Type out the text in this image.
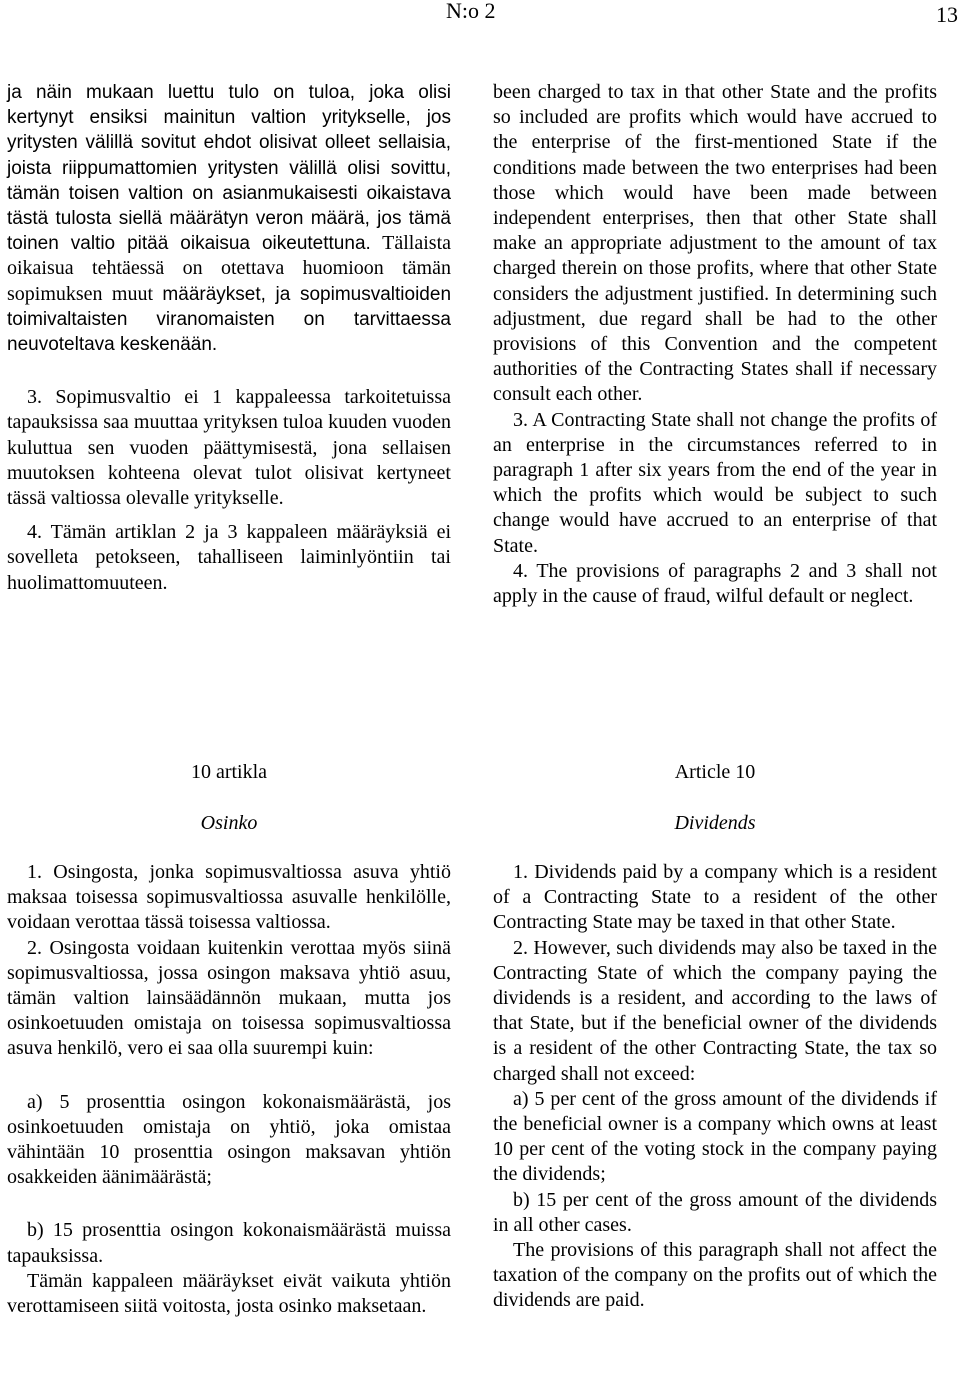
N:o 2	13

ja näin mukaan luettu tulo on tuloa, joka olisi kertynyt ensiksi mainitun valtion yritykselle, jos yritysten välillä sovitut ehdot olisivat olleet sellaisia, joista riippumattomien yritysten välillä olisi sovittu, tämän toisen valtion on asianmukaisesti oikaistava tästä tulosta siellä määrätyn veron määrä, jos tämä toinen valtio pitää oikaisua oikeutettuna. Tällaista oikaisua tehtäessä on otettava huomioon tämän sopimuksen muut määräykset, ja sopimusvaltioiden toimivaltaisten viranomaisten on tarvittaessa neuvoteltava keskenään.

3. Sopimusvaltio ei 1 kappaleessa tarkoitetuissa tapauksissa saa muuttaa yrityksen tuloa kuuden vuoden kuluttua sen vuoden päättymisestä, jona sellaisen muutoksen kohteena olevat tulot olisivat kertyneet tässä valtiossa olevalle yritykselle.

4. Tämän artiklan 2 ja 3 kappaleen määräyksiä ei sovelleta petokseen, tahalliseen laiminlyöntiin tai huolimattomuuteen.

been charged to tax in that other State and the profits so included are profits which would have accrued to the enterprise of the first-mentioned State if the conditions made between the two enterprises had been those which would have been made between independent enterprises, then that other State shall make an appropriate adjustment to the amount of tax charged therein on those profits, where that other State considers the adjustment justified. In determining such adjustment, due regard shall be had to the other provisions of this Convention and the competent authorities of the Contracting States shall if necessary consult each other.

3. A Contracting State shall not change the profits of an enterprise in the circumstances referred to in paragraph 1 after six years from the end of the year in which the profits which would be subject to such change would have accrued to an enterprise of that State.

4. The provisions of paragraphs 2 and 3 shall not apply in the cause of fraud, wilful default or neglect.

10 artikla
Osinko
Article 10
Dividends

1. Osingosta, jonka sopimusvaltiossa asuva yhtiö maksaa toisessa sopimusvaltiossa asuvalle henkilölle, voidaan verottaa tässä toisessa valtiossa.

2. Osingosta voidaan kuitenkin verottaa myös siinä sopimusvaltiossa, jossa osingon maksava yhtiö asuu, tämän valtion lainsäädännön mukaan, mutta jos osinkoetuuden omistaja on toisessa sopimusvaltiossa asuva henkilö, vero ei saa olla suurempi kuin:

a) 5 prosenttia osingon kokonaismäärästä, jos osinkoetuuden omistaja on yhtiö, joka omistaa vähintään 10 prosenttia osingon maksavan yhtiön osakkeiden äänimäärästä;

b) 15 prosenttia osingon kokonaismäärästä muissa tapauksissa.

Tämän kappaleen määräykset eivät vaikuta yhtiön verottamiseen siitä voitosta, josta osinko maksetaan.

1. Dividends paid by a company which is a resident of a Contracting State to a resident of the other Contracting State may be taxed in that other State.

2. However, such dividends may also be taxed in the Contracting State of which the company paying the dividends is a resident, and according to the laws of that State, but if the beneficial owner of the dividends is a resident of the other Contracting State, the tax so charged shall not exceed:

a) 5 per cent of the gross amount of the dividends if the beneficial owner is a company which owns at least 10 per cent of the voting stock in the company paying the dividends;

b) 15 per cent of the gross amount of the dividends in all other cases.

The provisions of this paragraph shall not affect the taxation of the company on the profits out of which the dividends are paid.
